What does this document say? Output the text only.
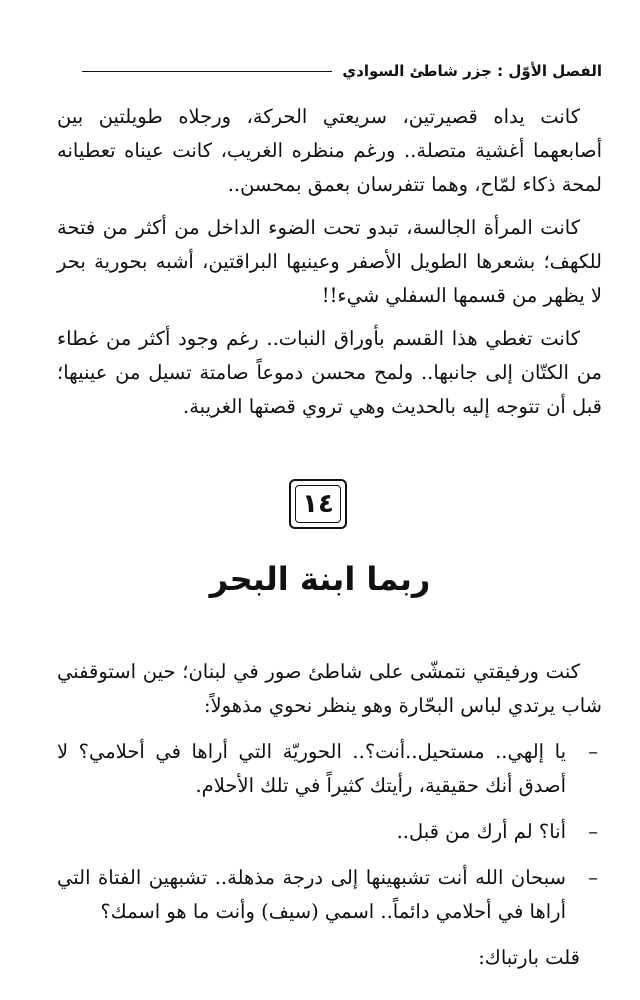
الفصل الأوّل : جزر شاطئ السوادي

كانت يداه قصيرتين، سريعتي الحركة، ورجلاه طويلتين بين أصابعهما أغشية متصلة.. ورغم منظره الغريب، كانت عيناه تعطيانه لمحة ذكاء لمّاح، وهما تتفرسان بعمق بمحسن..

كانت المرأة الجالسة، تبدو تحت الضوء الداخل من أكثر من فتحة للكهف؛ بشعرها الطويل الأصفر وعينيها البراقتين، أشبه بحورية بحر لا يظهر من قسمها السفلي شيء!!

كانت تغطي هذا القسم بأوراق النبات.. رغم وجود أكثر من غطاء من الكتّان إلى جانبها.. ولمح محسن دموعاً صامتة تسيل من عينيها؛ قبل أن تتوجه إليه بالحديث وهي تروي قصتها الغريبة.

١٤
ربما ابنة البحر

كنت ورفيقتي نتمشّى على شاطئ صور في لبنان؛ حين استوقفني شاب يرتدي لباس البحّارة وهو ينظر نحوي مذهولاً:

–
يا إلهي.. مستحيل..أنت؟.. الحوريّة التي أراها في أحلامي؟ لا أصدق أنك حقيقية، رأيتك كثيراً في تلك الأحلام.
–
أنا؟ لم أرك من قبل..
–
سبحان الله أنت تشبهينها إلى درجة مذهلة.. تشبهين الفتاة التي أراها في أحلامي دائماً.. اسمي (سيف) وأنت ما هو اسمك؟

قلت بارتباك:
